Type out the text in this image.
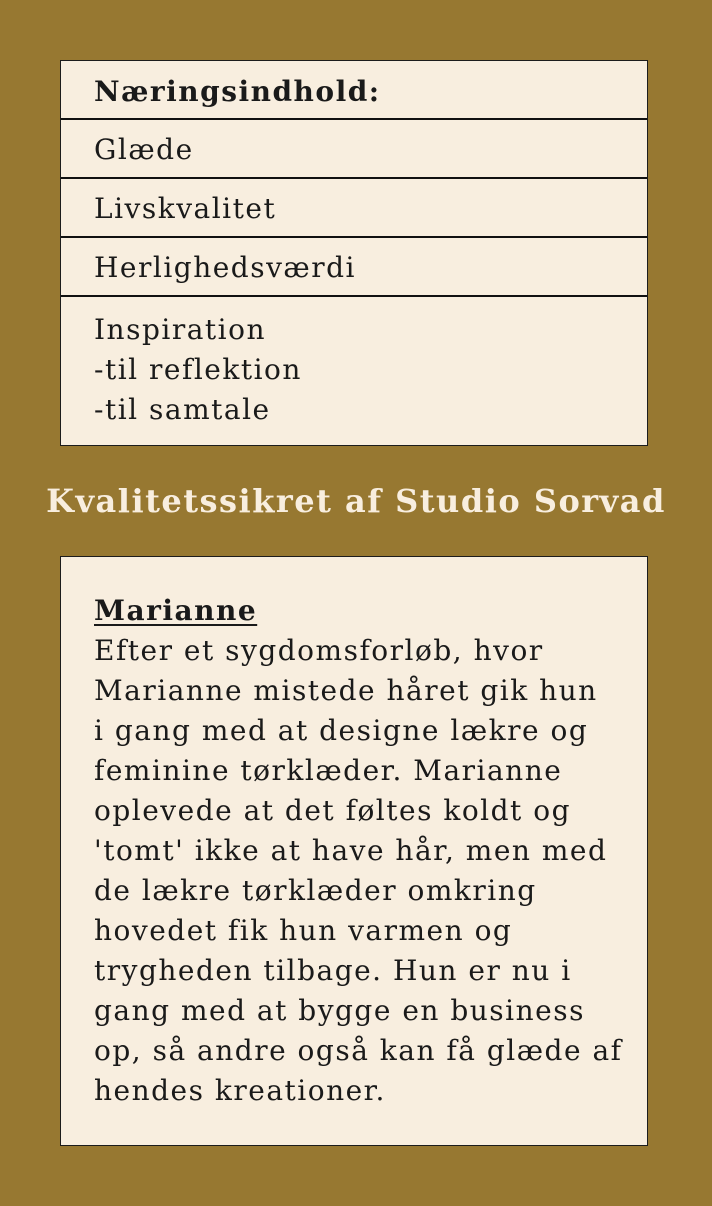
Næringsindhold:
Glæde
Livskvalitet
Herlighedsværdi
Inspiration
-til reflektion
-til samtale
Kvalitetssikret af Studio Sorvad
Marianne
Efter et sygdomsforløb, hvor
Marianne mistede håret gik hun
i gang med at designe lækre og
feminine tørklæder. Marianne
oplevede at det føltes koldt og
'tomt' ikke at have hår, men med
de lækre tørklæder omkring
hovedet fik hun varmen og
trygheden tilbage. Hun er nu i
gang med at bygge en business
op, så andre også kan få glæde af
hendes kreationer.
